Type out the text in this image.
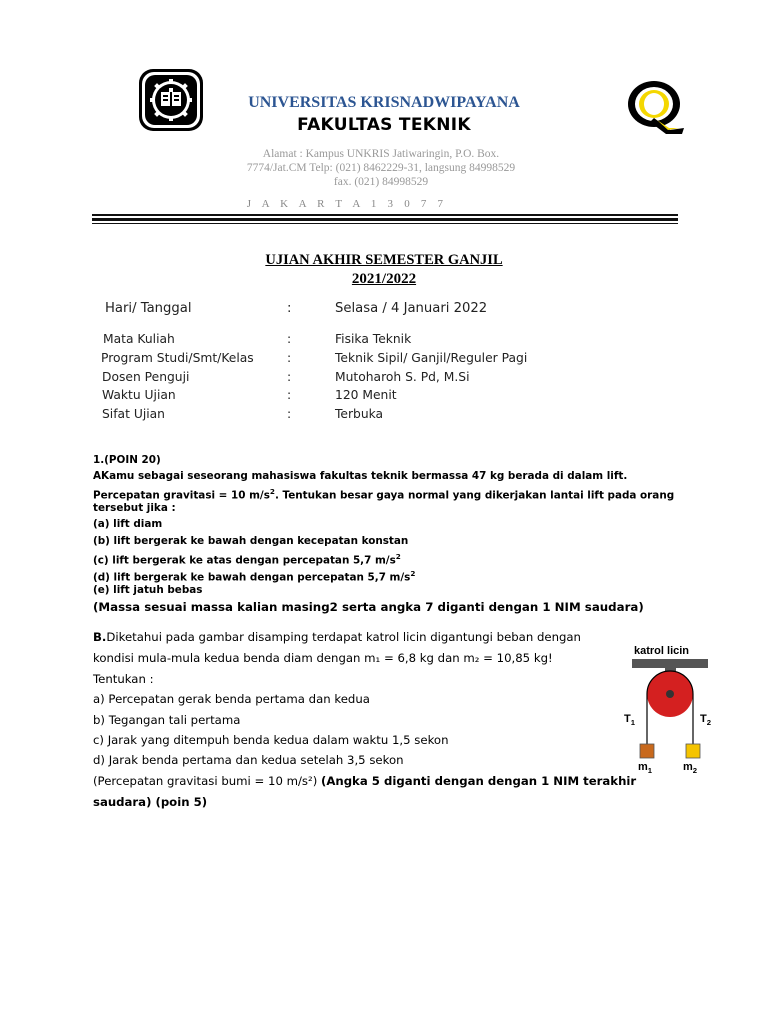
UNIVERSITAS KRISNADWIPAYANA
FAKULTAS TEKNIK
Alamat : Kampus UNKRIS Jatiwaringin, P.O. Box.
7774/Jat.CM Telp: (021) 8462229-31, langsung 84998529
fax. (021) 84998529
J A K A R T A 1 3 0 7 7
UJIAN AKHIR SEMESTER GANJIL
2021/2022
Hari/ Tanggal	:	Selasa / 4 Januari 2022
Mata Kuliah	:	Fisika Teknik
Program Studi/Smt/Kelas	:	Teknik Sipil/ Ganjil/Reguler Pagi
Dosen Penguji	:	Mutoharoh S. Pd, M.Si
Waktu Ujian	:	120 Menit
Sifat Ujian	:	Terbuka
1.(POIN 20)
AKamu sebagai seseorang mahasiswa fakultas teknik bermassa 47 kg berada di dalam lift.
Percepatan gravitasi = 10 $m/s^2$. Tentukan besar gaya normal yang dikerjakan lantai lift pada orang
tersebut jika :
(a) lift diam
(b) lift bergerak ke bawah dengan kecepatan konstan
(c) lift bergerak ke atas dengan percepatan 5,7 $m/s^2$
(d) lift bergerak ke bawah dengan percepatan 5,7 $m/s^2$
(e) lift jatuh bebas
(Massa sesuai massa kalian masing2 serta angka 7 diganti dengan 1 NIM saudara)
B.Diketahui pada gambar disamping terdapat katrol licin digantungi beban dengan
kondisi mula-mula kedua benda diam dengan m₁ = 6,8 kg dan m₂ = 10,85 kg!
Tentukan :
a) Percepatan gerak benda pertama dan kedua
b) Tegangan tali pertama
c) Jarak yang ditempuh benda kedua dalam waktu 1,5 sekon
d) Jarak benda pertama dan kedua setelah 3,5 sekon
(Percepatan gravitasi bumi = 10 m/s²) (Angka 5 diganti dengan dengan 1 NIM terakhir
saudara) (poin 5)
katrol licin
$T_1$	$T_2$
$m_1$	$m_2$
